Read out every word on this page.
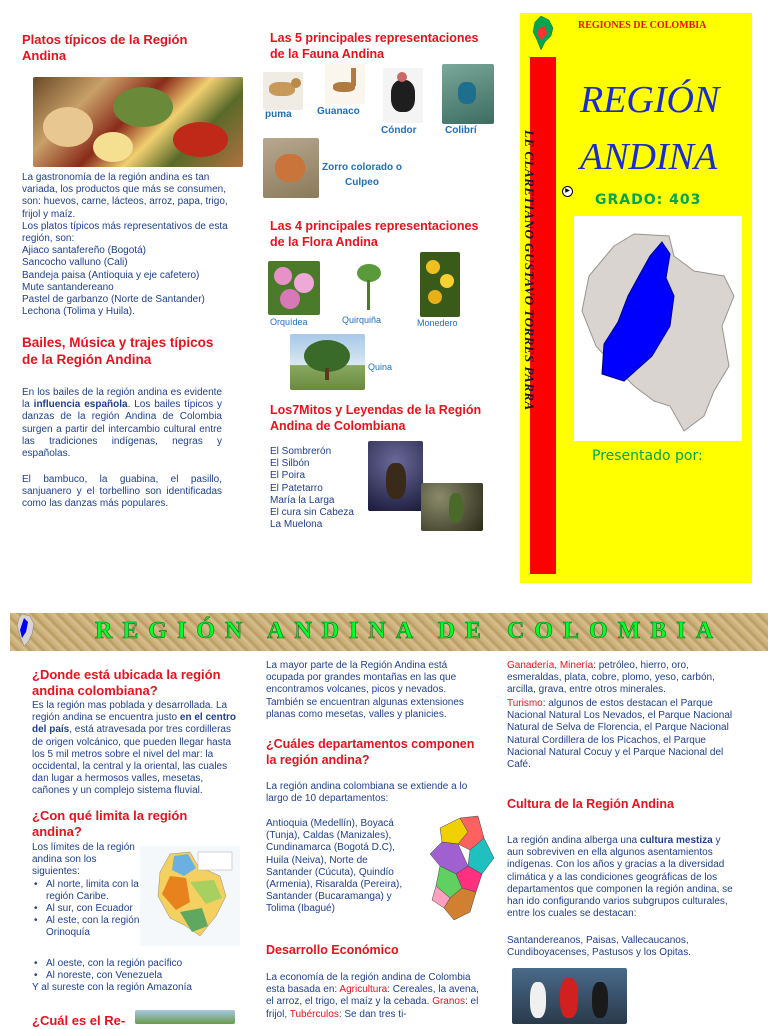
Platos típicos de la Región Andina
La gastronomía de la región andina es tan variada, los productos que más se consumen, son: huevos, carne, lácteos, arroz, papa, trigo, frijol y maíz.
Los platos típicos más representativos de esta región, son:
Ajiaco santafereño (Bogotá)
Sancocho valluno (Cali)
Bandeja paisa (Antioquia y eje cafetero)
Mute santandereano
Pastel de garbanzo (Norte de Santander)
Lechona (Tolima y Huila).
Bailes, Música y trajes típicos de la Región Andina
En los bailes de la región andina es evidente la influencia española. Los bailes típicos y danzas de la región Andina de Colombia surgen a partir del intercambio cultural entre las tradiciones indígenas, negras y españolas.
El bambuco, la guabina, el pasillo, sanjuanero y el torbellino son identificadas como las danzas más populares.
Las 5 principales representaciones de la Fauna Andina
puma	Guanaco
Cóndor	Colibrí
Zorro colorado o Culpeo
Las 4 principales representaciones de la Flora Andina
Orquídea	Quirquiña	Monedero
Quina
Los7Mitos y Leyendas de la Región Andina de Colombiana
El Sombrerón
El Silbón
El Poira
El Patetarro
María la Larga
El cura sin Cabeza
La Muelona
REGIONES DE COLOMBIA
LE CLARETIANO GUSTAVO TORRES PARRA	▶
REGIÓN
ANDINA
GRADO: 403
Presentado por:
REGIÓN ANDINA DE COLOMBIA
¿Donde está ubicada la región andina colombiana?
Es la región mas poblada y desarrollada. La región andina se encuentra justo en el centro del país, está atravesada por tres cordilleras de origen volcánico, que pueden llegar hasta los 5 mil metros sobre el nivel del mar: la occidental, la central y la oriental, las cuales dan lugar a hermosos valles, mesetas, cañones y un complejo sistema fluvial.
¿Con qué limita la región andina?
Los límites de la región andina son los siguientes:
• Al norte, limita con la región Caribe.
• Al sur, con Ecuador
• Al este, con la región Orinoquía
• Al oeste, con la región pacífico
• Al noreste, con Venezuela
Y al sureste con la región Amazonía
¿Cuál es el Re-
La mayor parte de la Región Andina está ocupada por grandes montañas en las que encontramos volcanes, picos y nevados. También se encuentran algunas extensiones planas como mesetas, valles y planicies.
¿Cuáles departamentos componen la región andina?
La región andina colombiana se extiende a lo largo de 10 departamentos:
Antioquia (Medellín), Boyacá (Tunja), Caldas (Manizales), Cundinamarca (Bogotá D.C), Huila (Neiva), Norte de Santander (Cúcuta), Quindío (Armenia), Risaralda (Pereira), Santander (Bucaramanga) y Tolima (Ibagué)
Desarrollo Económico
La economía de la región andina de Colombia esta basada en: Agricultura: Cereales, la avena, el arroz, el trigo, el maíz y la cebada. Granos: el frijol, Tubérculos: Se dan tres ti-
Ganadería, Minería: petróleo, hierro, oro, esmeraldas, plata, cobre, plomo, yeso, carbón, arcilla, grava, entre otros minerales.
Turismo: algunos de estos destacan el Parque Nacional Natural Los Nevados, el Parque Nacional Natural de Selva de Florencia, el Parque Nacional Natural Cordillera de los Picachos, el Parque Nacional Natural Cocuy y el Parque Nacional del Café.
Cultura de la Región Andina
La región andina alberga una cultura mestiza y aun sobreviven en ella algunos asentamientos indígenas. Con los años y gracias a la diversidad climática y a las condiciones geográficas de los departamentos que componen la región andina, se han ido configurando varios subgrupos culturales, entre los cuales se destacan:
Santandereanos, Paisas, Vallecaucanos, Cundiboyacenses, Pastusos y los Opitas.
